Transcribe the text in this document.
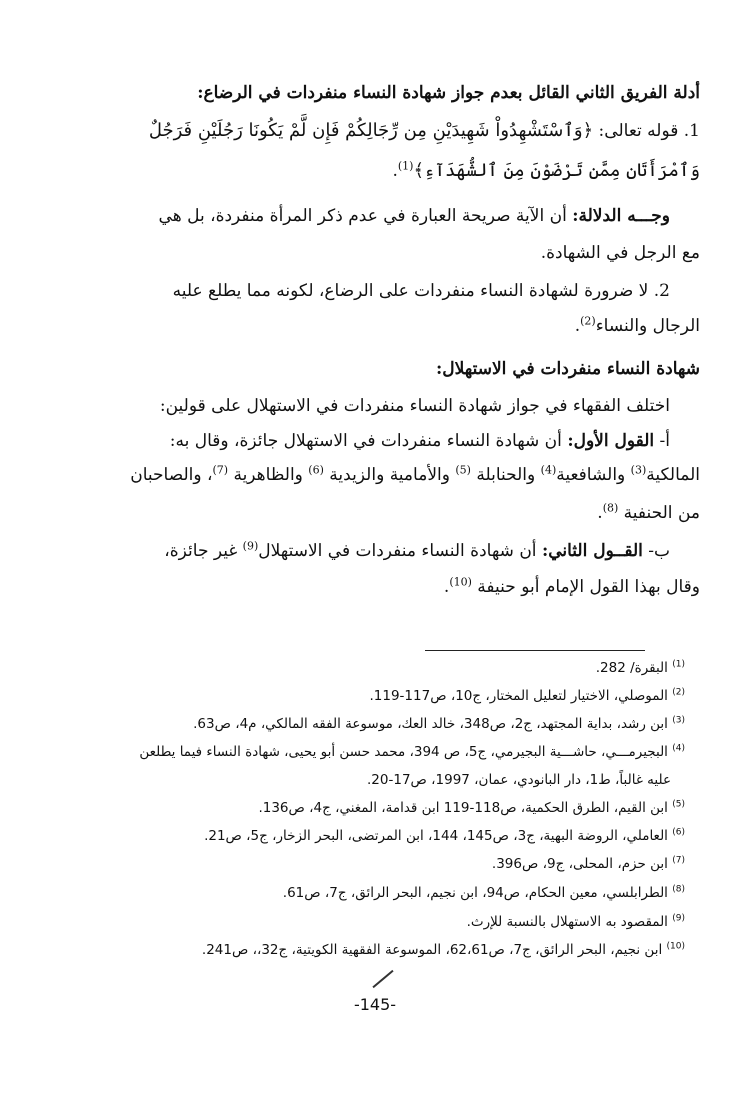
أدلة الفريق الثاني القائل بعدم جواز شهادة النساء منفردات في الرضاع:
1. قوله تعالى: ﴿وَٱسْتَشْهِدُواْ شَهِيدَيْنِ مِن رِّجَالِكُمْ فَإِن لَّمْ يَكُونَا رَجُلَيْنِ فَرَجُلٌ
وَٱمْرَأَتَانِ مِمَّن تَرْضَوْنَ مِنَ ٱلشُّهَدَآءِ﴾$^{(1)}$.
وجـــه الدلالة: أن الآية صريحة العبارة في عدم ذكر المرأة منفردة، بل هي
مع الرجل في الشهادة.
2. لا ضرورة لشهادة النساء منفردات على الرضاع، لكونه مما يطلع عليه
الرجال والنساء$^{(2)}$.
شهادة النساء منفردات في الاستهلال:
اختلف الفقهاء في جواز شهادة النساء منفردات في الاستهلال على قولين:
أ- القول الأول: أن شهادة النساء منفردات في الاستهلال جائزة، وقال به:
المالكية$^{(3)}$ والشافعية$^{(4)}$ والحنابلة $^{(5)}$ والأمامية والزيدية $^{(6)}$ والظاهرية $^{(7)}$، والصاحبان
من الحنفية $^{(8)}$.
ب- القــول الثاني: أن شهادة النساء منفردات في الاستهلال$^{(9)}$ غير جائزة،
وقال بهذا القول الإمام أبو حنيفة $^{(10)}$.
$^{(1)}$ البقرة/ 282.
$^{(2)}$ الموصلي، الاختيار لتعليل المختار، ج10، ص117-119.
$^{(3)}$ ابن رشد، بداية المجتهد، ج2، ص348، خالد العك، موسوعة الفقه المالكي، م4، ص63.
$^{(4)}$ البجيرمـــي، حاشـــية البجيرمي، ج5، ص 394، محمد حسن أبو يحيى، شهادة النساء فيما يطلعن
عليه غالباً، ط1، دار البانودي، عمان، 1997، ص17-20.
$^{(5)}$ ابن القيم، الطرق الحكمية، ص118-119 ابن قدامة، المغني، ج4، ص136.
$^{(6)}$ العاملي، الروضة البهية، ج3، ص145، 144، ابن المرتضى، البحر الزخار، ج5، ص21.
$^{(7)}$ ابن حزم، المحلى، ج9، ص396.
$^{(8)}$ الطرابلسي، معين الحكام، ص94، ابن نجيم، البحر الرائق، ج7، ص61.
$^{(9)}$ المقصود به الاستهلال بالنسبة للإرث.
$^{(10)}$ ابن نجيم، البحر الرائق، ج7، ص62،61، الموسوعة الفقهية الكويتية، ج32،، ص241.
-145-
